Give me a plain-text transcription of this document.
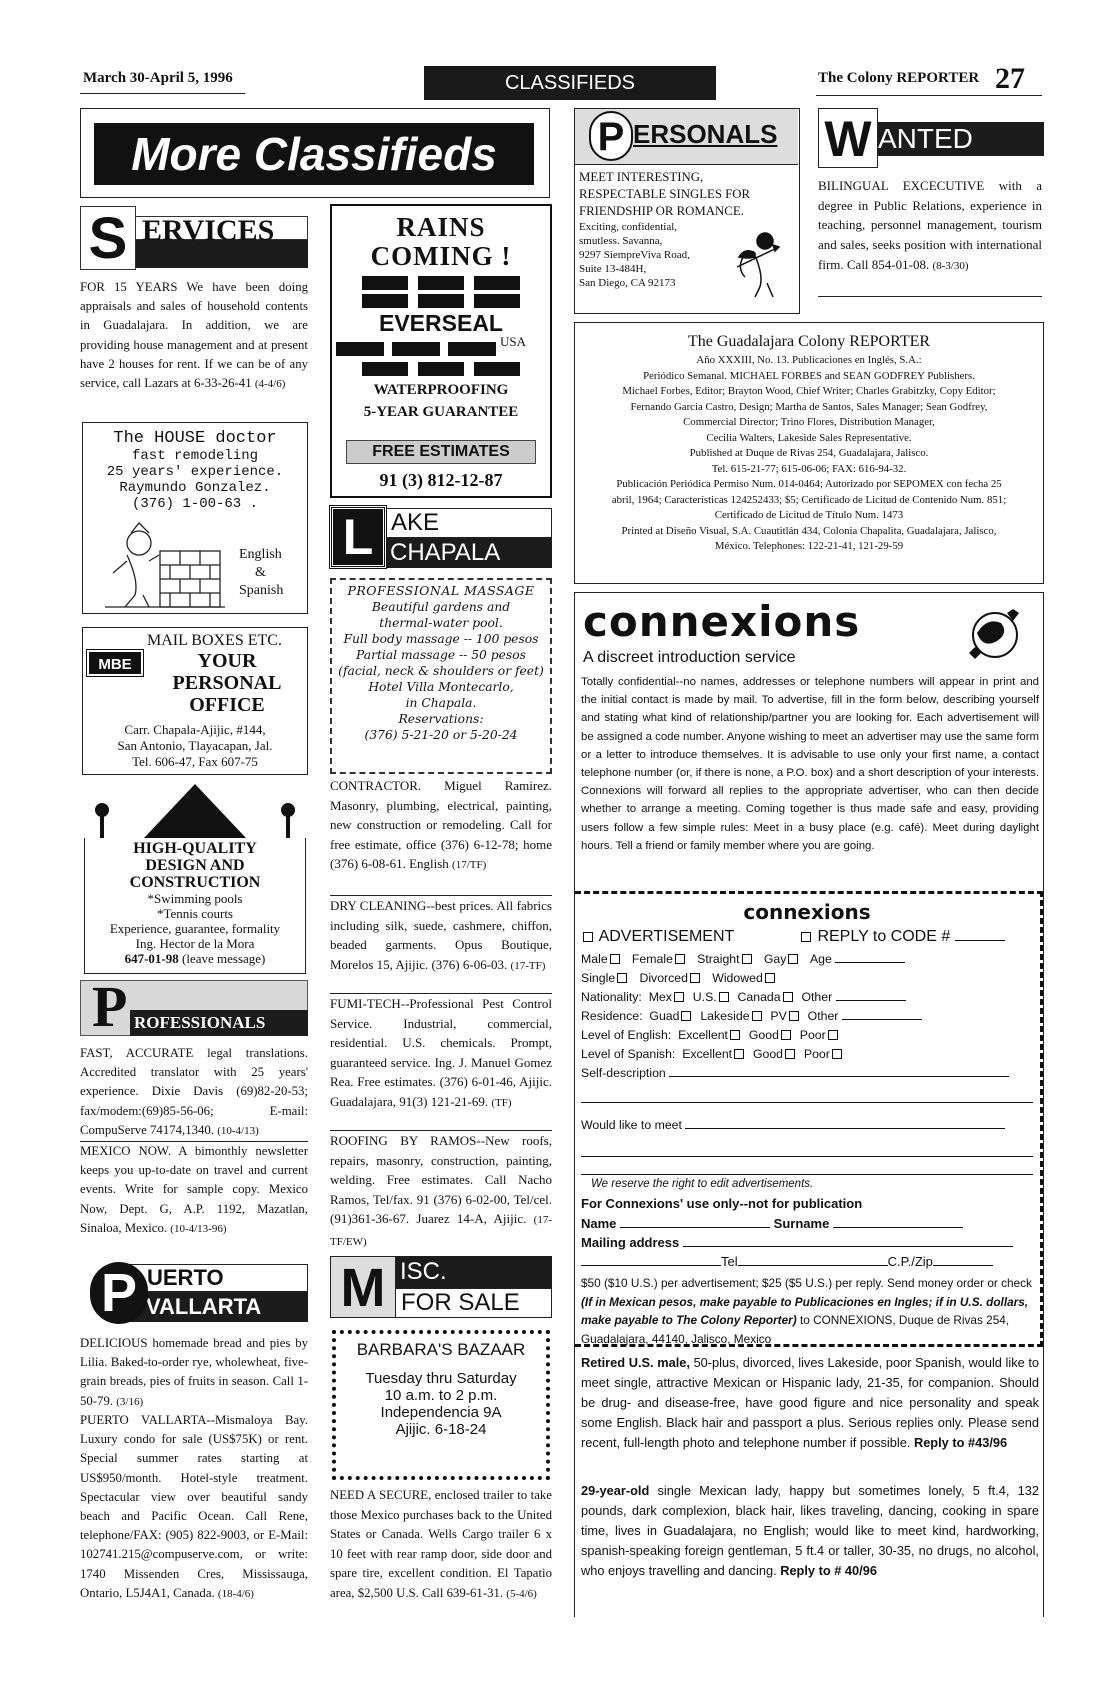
March 30-April 5, 1996	CLASSIFIEDS	The Colony REPORTER 27
More Classifieds
S ERVICES
FOR 15 YEARS We have been doing appraisals and sales of household contents in Guadalajara. In addition, we are providing house management and at present have 2 houses for rent. If we can be of any service, call Lazars at 6-33-26-41 (4-4/6)
The HOUSE doctor
fast remodeling
25 years' experience.
Raymundo Gonzalez.
(376) 1-00-63 .
English
&
Spanish
MBE
MAIL BOXES ETC.
YOUR
PERSONAL
OFFICE
Carr. Chapala-Ajijic, #144,
San Antonio, Tlayacapan, Jal.
Tel. 606-47, Fax 607-75
HIGH-QUALITY
DESIGN AND
CONSTRUCTION
*Swimming pools
*Tennis courts
Experience, guarantee, formality
Ing. Hector de la Mora
647-01-98 (leave message)
P ROFESSIONALS
FAST, ACCURATE legal translations. Accredited translator with 25 years' experience. Dixie Davis (69)82-20-53; fax/modem:(69)85-56-06; E-mail: CompuServe 74174,1340. (10-4/13)
MEXICO NOW. A bimonthly newsletter keeps you up-to-date on travel and current events. Write for sample copy. Mexico Now, Dept. G, A.P. 1192, Mazatlan, Sinaloa, Mexico. (10-4/13-96)
UERTO
VALLARTA
P
DELICIOUS homemade bread and pies by Lilia. Baked-to-order rye, wholewheat, five-grain breads, pies of fruits in season. Call 1-50-79. (3/16)
PUERTO VALLARTA--Mismaloya Bay. Luxury condo for sale (US$75K) or rent. Special summer rates starting at US$950/month. Hotel-style treatment. Spectacular view over beautiful sandy beach and Pacific Ocean. Call Rene, telephone/FAX: (905) 822-9003, or E-Mail: 102741.215@compuserve.com, or write: 1740 Missenden Cres, Mississauga, Ontario, L5J4A1, Canada. (18-4/6)
RAINS
COMING !
EVERSEAL
USA
WATERPROOFING
5-YEAR GUARANTEE
FREE ESTIMATES
91 (3) 812-12-87
AKE
CHAPALA
L
PROFESSIONAL MASSAGE
Beautiful gardens and
thermal-water pool.
Full body massage -- 100 pesos
Partial massage -- 50 pesos
(facial, neck & shoulders or feet)
Hotel Villa Montecarlo,
in Chapala.
Reservations:
(376) 5-21-20 or 5-20-24
CONTRACTOR. Miguel Ramirez. Masonry, plumbing, electrical, painting, new construction or remodeling. Call for free estimate, office (376) 6-12-78; home (376) 6-08-61. English (17/TF)
DRY CLEANING--best prices. All fabrics including silk, suede, cashmere, chiffon, beaded garments. Opus Boutique, Morelos 15, Ajijic. (376) 6-06-03. (17-TF)
FUMI-TECH--Professional Pest Control Service. Industrial, commercial, residential. U.S. chemicals. Prompt, guaranteed service. Ing. J. Manuel Gomez Rea. Free estimates. (376) 6-01-46, Ajijic. Guadalajara, 91(3) 121-21-69. (TF)
ROOFING BY RAMOS--New roofs, repairs, masonry, construction, painting, welding. Free estimates. Call Nacho Ramos, Tel/fax. 91 (376) 6-02-00, Tel/cel. (91)361-36-67. Juarez 14-A, Ajijic. (17-TF/EW)
ISC.
FOR SALE
M
BARBARA'S BAZAAR
Tuesday thru Saturday
10 a.m. to 2 p.m.
Independencia 9A
Ajijic. 6-18-24
NEED A SECURE, enclosed trailer to take those Mexico purchases back to the United States or Canada. Wells Cargo trailer 6 x 10 feet with rear ramp door, side door and spare tire, excellent condition. El Tapatio area, $2,500 U.S. Call 639-61-31. (5-4/6)
P ERSONALS
MEET INTERESTING,
RESPECTABLE SINGLES FOR
FRIENDSHIP OR ROMANCE.
Exciting, confidential,
smutless. Savanna,
9297 SiempreViva Road,
Suite 13-484H,
San Diego, CA 92173
ANTED
W
BILINGUAL EXCECUTIVE with a degree in Public Relations, experience in teaching, personnel management, tourism and sales, seeks position with international firm. Call 854-01-08. (8-3/30)
The Guadalajara Colony REPORTER
Año XXXIII, No. 13. Publicaciones en Inglés, S.A.:
Periódico Semanal. MICHAEL FORBES and SEAN GODFREY Publishers.
Michael Forbes, Editor; Brayton Wood, Chief Writer; Charles Grabitzky, Copy Editor;
Fernando Garcia Castro, Design; Martha de Santos, Sales Manager; Sean Godfrey,
Commercial Director; Trino Flores, Distribution Manager,
Cecilia Walters, Lakeside Sales Representative.
Published at Duque de Rivas 254, Guadalajara, Jalisco.
Tel. 615-21-77; 615-06-06; FAX: 616-94-32.
Publicación Periódica Permiso Num. 014-0464; Autorizado por SEPOMEX con fecha 25
abril, 1964; Características 124252433; $5; Certificado de Licitud de Contenido Num. 851;
Certificado de Licitud de Título Num. 1473
Printed at Diseño Visual, S.A. Cuautitlán 434, Colonia Chapalita, Guadalajara, Jalisco,
México. Telephones: 122-21-41, 121-29-59
connexions
A discreet introduction service
Totally confidential--no names, addresses or telephone numbers will appear in print and the initial contact is made by mail. To advertise, fill in the form below, describing yourself and stating what kind of relationship/partner you are looking for. Each advertisement will be assigned a code number. Anyone wishing to meet an advertiser may use the same form or a letter to introduce themselves. It is advisable to use only your first name, a contact telephone number (or, if there is none, a P.O. box) and a short description of your interests. Connexions will forward all replies to the appropriate advertiser, who can then decide whether to arrange a meeting. Coming together is thus made safe and easy, providing users follow a few simple rules: Meet in a busy place (e.g. café). Meet during daylight hours. Tell a friend or family member where you are going.
connexions
ADVERTISEMENT	REPLY to CODE #
Male Female Straight Gay Age
Single Divorced Widowed
Nationality: Mex U.S. Canada Other
Residence: Guad Lakeside PV Other
Level of English: Excellent Good Poor
Level of Spanish: Excellent Good Poor
Self-description
Would like to meet
We reserve the right to edit advertisements.
For Connexions' use only--not for publication
Name	Surname
Mailing address
Tel	C.P./Zip
$50 ($10 U.S.) per advertisement; $25 ($5 U.S.) per reply. Send money order or check (If in Mexican pesos, make payable to Publicaciones en Ingles; if in U.S. dollars, make payable to The Colony Reporter) to CONNEXIONS, Duque de Rivas 254, Guadalajara, 44140, Jalisco, Mexico
Retired U.S. male, 50-plus, divorced, lives Lakeside, poor Spanish, would like to meet single, attractive Mexican or Hispanic lady, 21-35, for companion. Should be drug- and disease-free, have good figure and nice personality and speak some English. Black hair and passport a plus. Serious replies only. Please send recent, full-length photo and telephone number if possible. Reply to #43/96
29-year-old single Mexican lady, happy but sometimes lonely, 5 ft.4, 132 pounds, dark complexion, black hair, likes traveling, dancing, cooking in spare time, lives in Guadalajara, no English; would like to meet kind, hardworking, spanish-speaking foreign gentleman, 5 ft.4 or taller, 30-35, no drugs, no alcohol, who enjoys travelling and dancing. Reply to # 40/96
